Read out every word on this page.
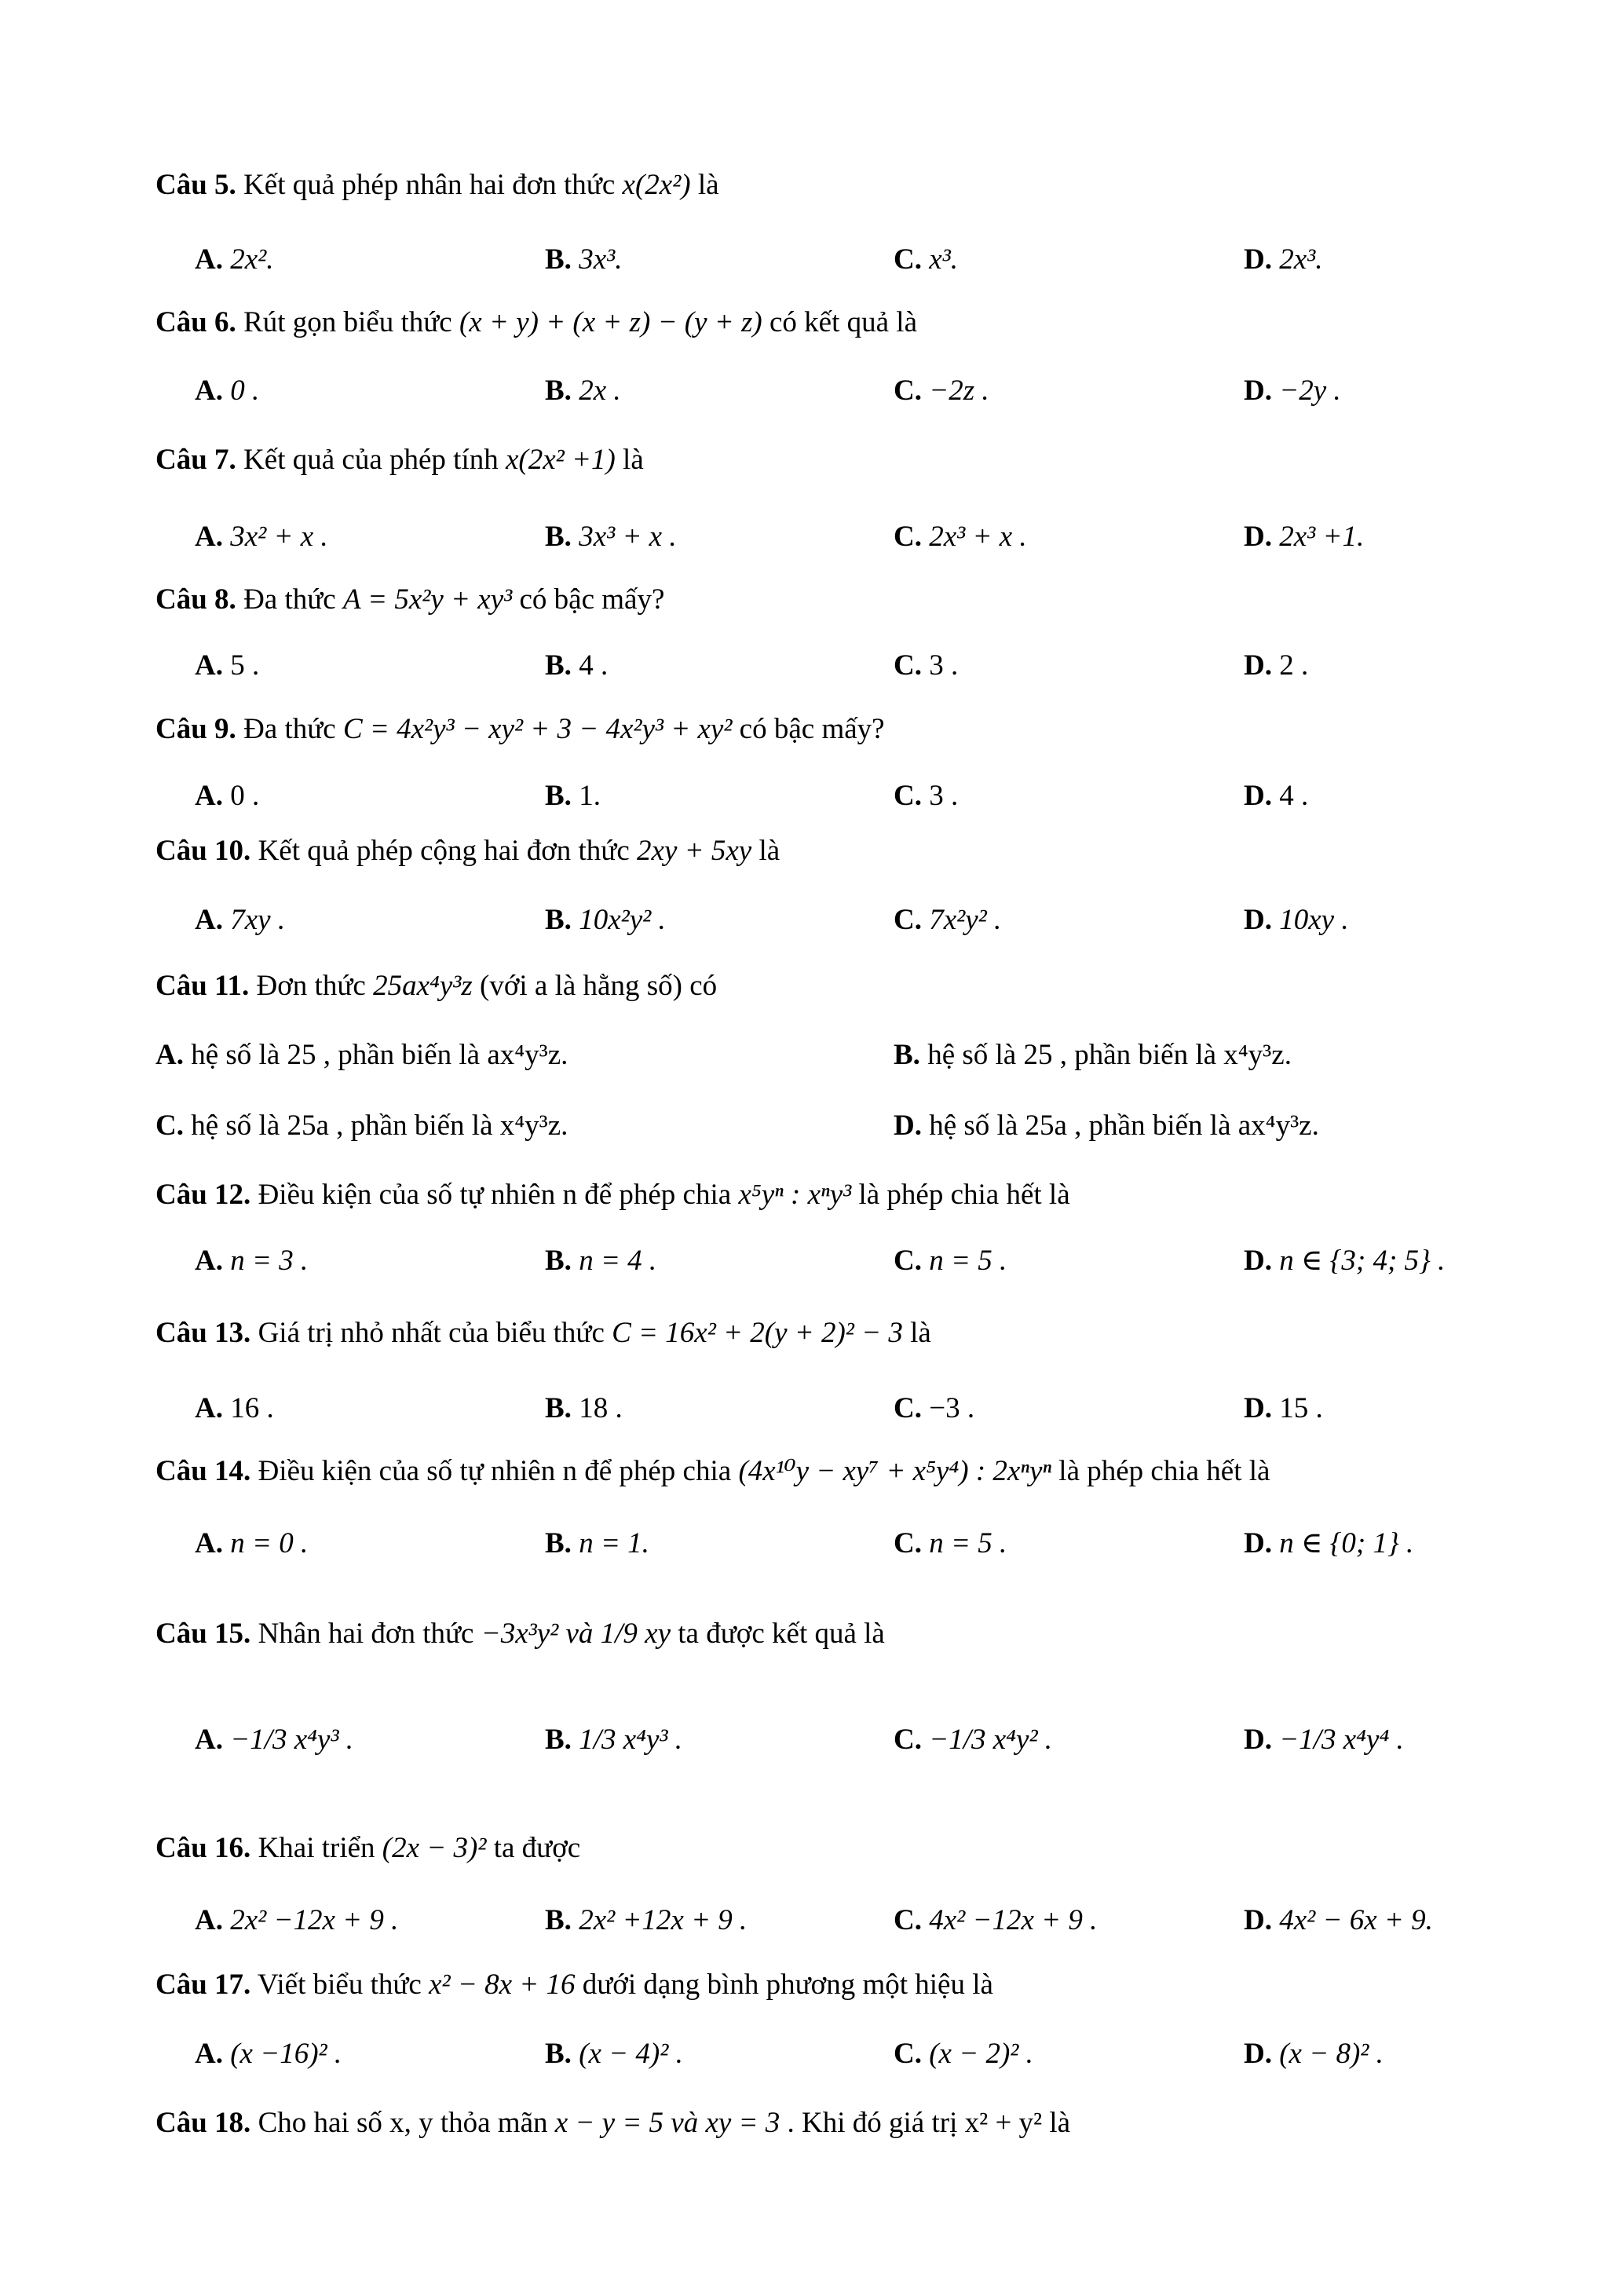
Câu 5. Kết quả phép nhân hai đơn thức x(2x²) là
A. 2x².	B. 3x³.	C. x³.	D. 2x³.
Câu 6. Rút gọn biểu thức (x + y) + (x + z) − (y + z) có kết quả là
A. 0 .	B. 2x .	C. −2z .	D. −2y .
Câu 7. Kết quả của phép tính x(2x² +1) là
A. 3x² + x .	B. 3x³ + x .	C. 2x³ + x .	D. 2x³ +1.
Câu 8. Đa thức A = 5x²y + xy³ có bậc mấy?
A. 5 .	B. 4 .	C. 3 .	D. 2 .
Câu 9. Đa thức C = 4x²y³ − xy² + 3 − 4x²y³ + xy² có bậc mấy?
A. 0 .	B. 1.	C. 3 .	D. 4 .
Câu 10. Kết quả phép cộng hai đơn thức 2xy + 5xy là
A. 7xy .	B. 10x²y² .	C. 7x²y² .	D. 10xy .
Câu 11. Đơn thức 25ax⁴y³z (với a là hằng số) có
A. hệ số là 25 , phần biến là ax⁴y³z.	B. hệ số là 25 , phần biến là x⁴y³z.
C. hệ số là 25a , phần biến là x⁴y³z.	D. hệ số là 25a , phần biến là ax⁴y³z.
Câu 12. Điều kiện của số tự nhiên n để phép chia x⁵yⁿ : xⁿy³ là phép chia hết là
A. n = 3 .	B. n = 4 .	C. n = 5 .	D. n ∈ {3; 4; 5} .
Câu 13. Giá trị nhỏ nhất của biểu thức C = 16x² + 2(y + 2)² − 3 là
A. 16 .	B. 18 .	C. −3 .	D. 15 .
Câu 14. Điều kiện của số tự nhiên n để phép chia (4x¹⁰y − xy⁷ + x⁵y⁴) : 2xⁿyⁿ là phép chia hết là
A. n = 0 .	B. n = 1.	C. n = 5 .	D. n ∈ {0; 1} .
Câu 15. Nhân hai đơn thức −3x³y² và 1/9 xy ta được kết quả là
A. −1/3 x⁴y³ .	B. 1/3 x⁴y³ .	C. −1/3 x⁴y² .	D. −1/3 x⁴y⁴ .
Câu 16. Khai triển (2x − 3)² ta được
A. 2x² −12x + 9 .	B. 2x² +12x + 9 .	C. 4x² −12x + 9 .	D. 4x² − 6x + 9.
Câu 17. Viết biểu thức x² − 8x + 16 dưới dạng bình phương một hiệu là
A. (x −16)² .	B. (x − 4)² .	C. (x − 2)² .	D. (x − 8)² .
Câu 18. Cho hai số x, y thỏa mãn x − y = 5 và xy = 3 . Khi đó giá trị x² + y² là
